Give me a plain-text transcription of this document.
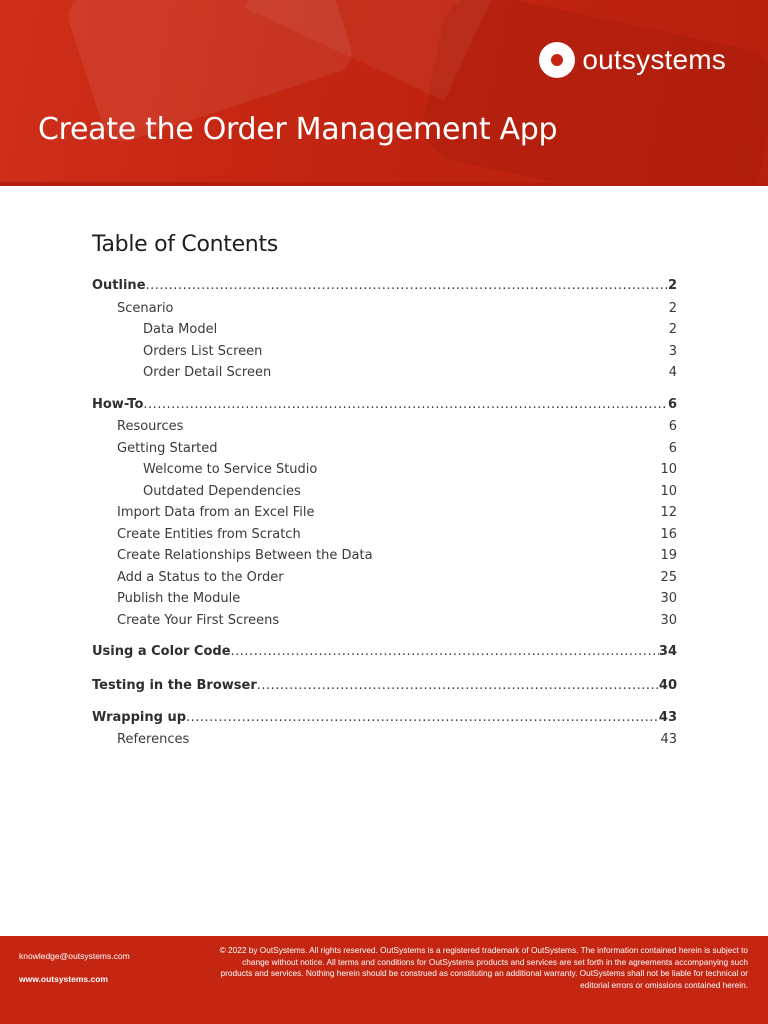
outsystems
Create the Order Management App
Table of Contents
Outline .....	2
Scenario	2
Data Model	2
Orders List Screen	3
Order Detail Screen	4
How-To .....	6
Resources	6
Getting Started	6
Welcome to Service Studio	10
Outdated Dependencies	10
Import Data from an Excel File	12
Create Entities from Scratch	16
Create Relationships Between the Data	19
Add a Status to the Order	25
Publish the Module	30
Create Your First Screens	30
Using a Color Code .....	34
Testing in the Browser .....	40
Wrapping up .....	43
References	43
knowledge@outsystems.com
www.outsystems.com
© 2022 by OutSystems. All rights reserved. OutSystems is a registered trademark of OutSystems. The information contained herein is subject to change without notice. All terms and conditions for OutSystems products and services are set forth in the agreements accompanying such products and services. Nothing herein should be construed as constituting an additional warranty. OutSystems shall not be liable for technical or editorial errors or omissions contained herein.
